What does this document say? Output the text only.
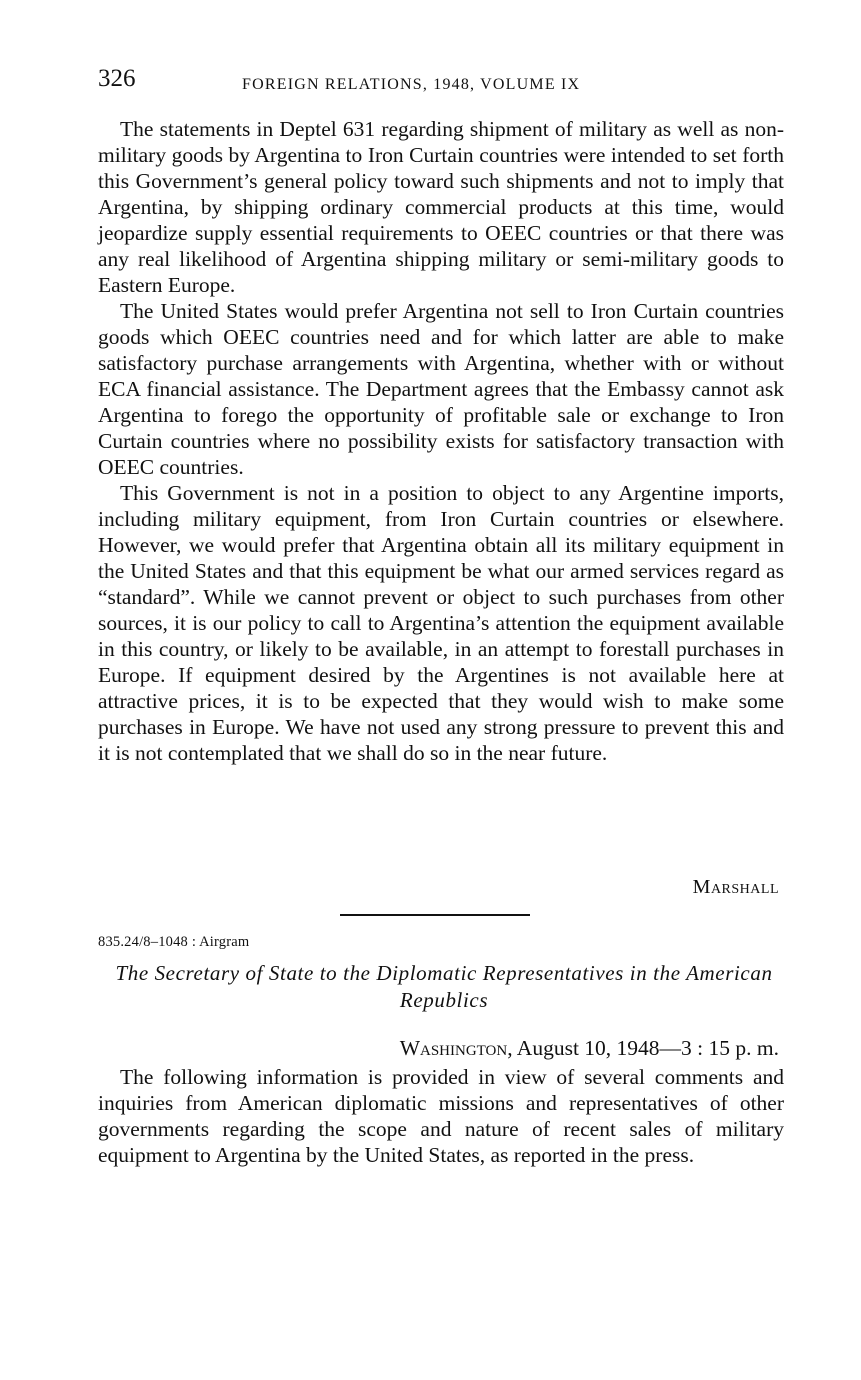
326	FOREIGN RELATIONS, 1948, VOLUME IX

The statements in Deptel 631 regarding shipment of military as well as non-military goods by Argentina to Iron Curtain countries were intended to set forth this Government’s general policy toward such shipments and not to imply that Argentina, by shipping ordinary commercial products at this time, would jeopardize supply essential requirements to OEEC countries or that there was any real likelihood of Argentina shipping military or semi-military goods to Eastern Europe.

The United States would prefer Argentina not sell to Iron Curtain countries goods which OEEC countries need and for which latter are able to make satisfactory purchase arrangements with Argentina, whether with or without ECA financial assistance. The Department agrees that the Embassy cannot ask Argentina to forego the opportunity of profitable sale or exchange to Iron Curtain countries where no possibility exists for satisfactory transaction with OEEC countries.

This Government is not in a position to object to any Argentine imports, including military equipment, from Iron Curtain countries or elsewhere. However, we would prefer that Argentina obtain all its military equipment in the United States and that this equipment be what our armed services regard as “standard”. While we cannot prevent or object to such purchases from other sources, it is our policy to call to Argentina’s attention the equipment available in this country, or likely to be available, in an attempt to forestall purchases in Europe. If equipment desired by the Argentines is not available here at attractive prices, it is to be expected that they would wish to make some purchases in Europe. We have not used any strong pressure to prevent this and it is not contemplated that we shall do so in the near future.

Marshall
835.24/8–1048 : Airgram
The Secretary of State to the Diplomatic Representatives in the American Republics
Washington, August 10, 1948—3 : 15 p. m.

The following information is provided in view of several comments and inquiries from American diplomatic missions and representatives of other governments regarding the scope and nature of recent sales of military equipment to Argentina by the United States, as reported in the press.
